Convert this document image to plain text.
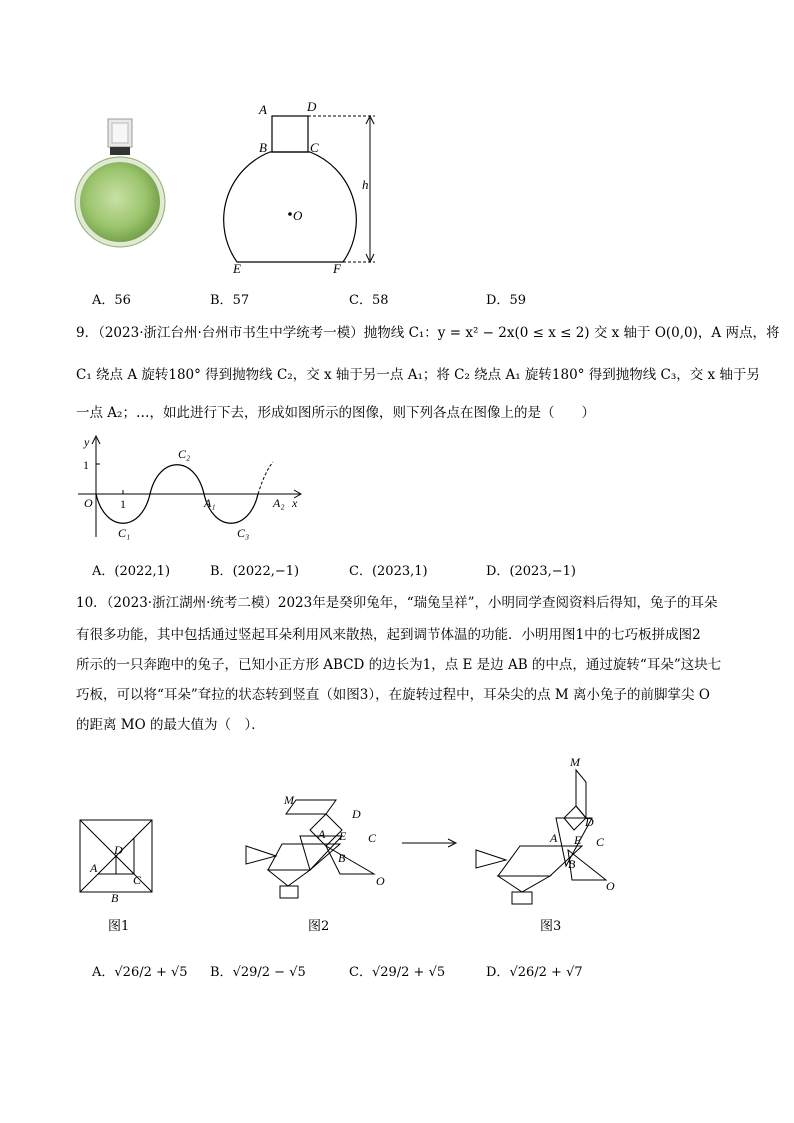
A	D
B	C
O
h
E	F
A．56	B．57	C．58	D．59
9．（2023·浙江台州·台州市书生中学统考一模）抛物线 C₁：y = x² − 2x(0 ≤ x ≤ 2) 交 x 轴于 O(0,0)，A 两点，将
C₁ 绕点 A 旋转180° 得到抛物线 C₂，交 x 轴于另一点 A₁；将 C₂ 绕点 A₁ 旋转180° 得到抛物线 C₃，交 x 轴于另
一点 A₂；…，如此进行下去，形成如图所示的图像，则下列各点在图像上的是（　　）
y
1
O 1
C₁
C₂
A₁
C₃
A₂ x
A．(2022,1)	B．(2022,−1)	C．(2023,1)	D．(2023,−1)
10．（2023·浙江湖州·统考二模）2023年是癸卯兔年，“瑞兔呈祥”，小明同学查阅资料后得知，兔子的耳朵
有很多功能，其中包括通过竖起耳朵利用风来散热，起到调节体温的功能．小明用图1中的七巧板拼成图2
所示的一只奔跑中的兔子，已知小正方形 ABCD 的边长为1，点 E 是边 AB 的中点，通过旋转“耳朵”这块七
巧板，可以将“耳朵”耷拉的状态转到竖直（如图3），在旋转过程中，耳朵尖的点 M 离小兔子的前脚掌尖 O
的距离 MO 的最大值为（　）．
D
A
C
B
图1
M
D
A E C
B
O
图2
M
D
A E C
B
O
图3
A．√26/2 + √5 B．√29/2 − √5	C．√29/2 + √5	D．√26/2 + √7
